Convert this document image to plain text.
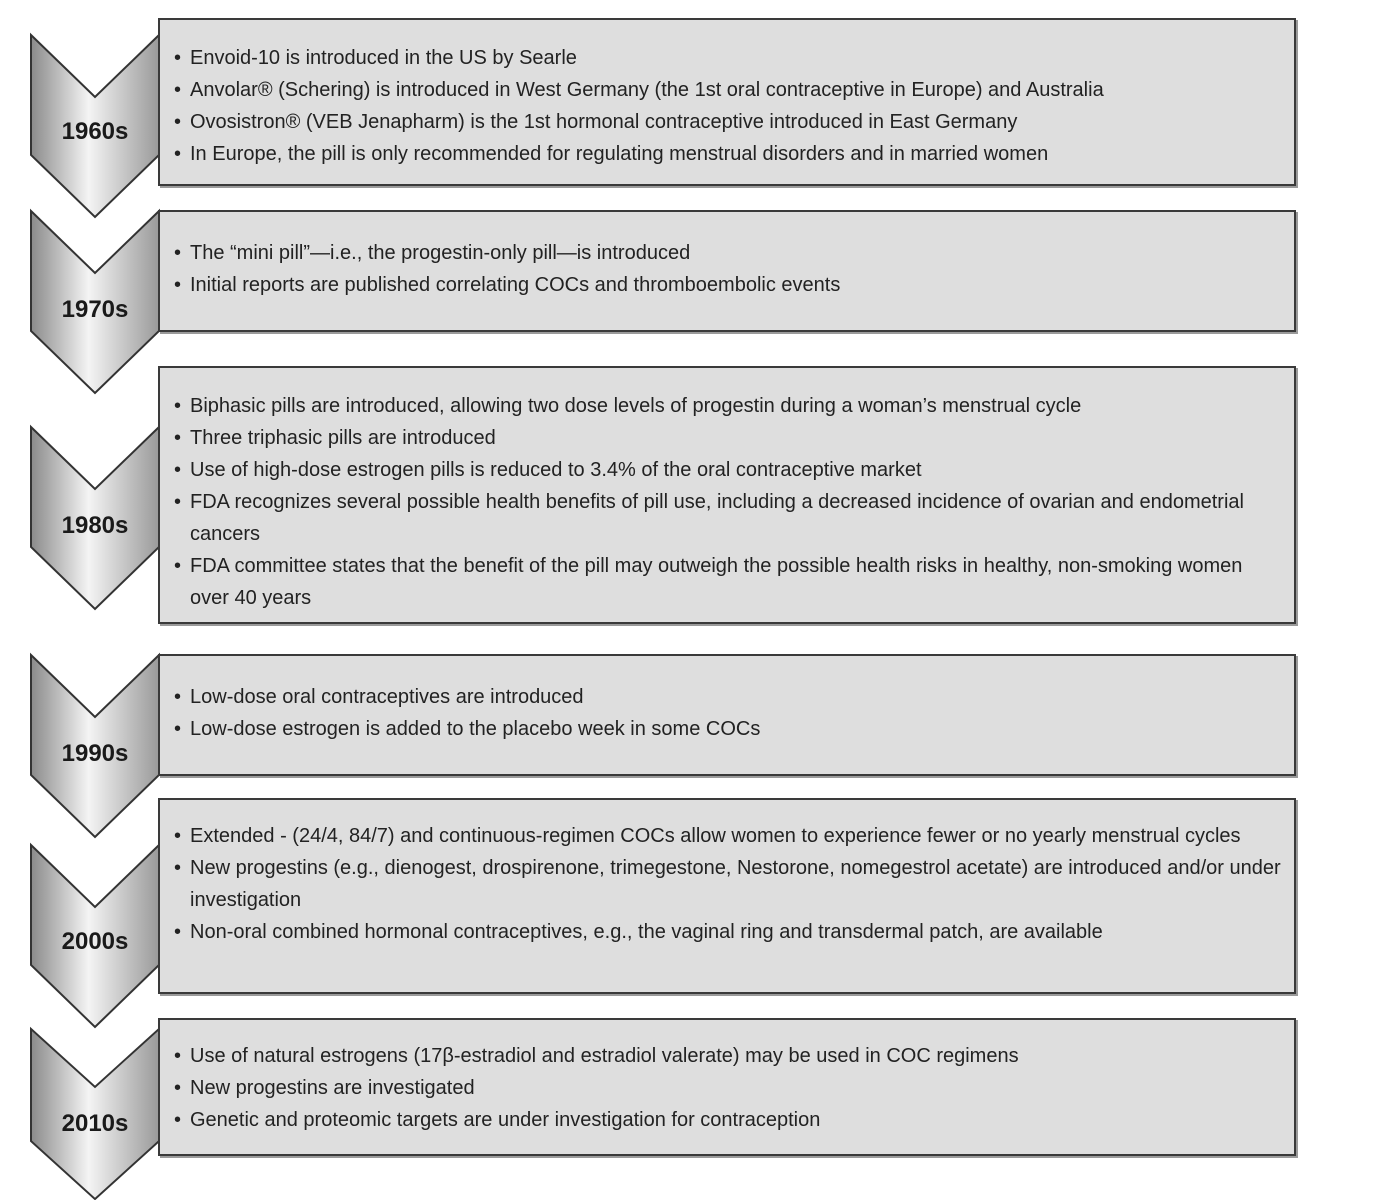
1960s
• Envoid-10 is introduced in the US by Searle
• Anvolar® (Schering) is introduced in West Germany (the 1st oral contraceptive in Europe) and Australia
• Ovosistron® (VEB Jenapharm) is the 1st hormonal contraceptive introduced in East Germany
• In Europe, the pill is only recommended for regulating menstrual disorders and in married women
1970s
• The “mini pill”—i.e., the progestin-only pill—is introduced
• Initial reports are published correlating COCs and thromboembolic events
1980s
• Biphasic pills are introduced, allowing two dose levels of progestin during a woman’s menstrual cycle
• Three triphasic pills are introduced
• Use of high-dose estrogen pills is reduced to 3.4% of the oral contraceptive market
• FDA recognizes several possible health benefits of pill use, including a decreased incidence of ovarian and endometrial cancers
• FDA committee states that the benefit of the pill may outweigh the possible health risks in healthy, non-smoking women over 40 years
1990s
• Low-dose oral contraceptives are introduced
• Low-dose estrogen is added to the placebo week in some COCs
2000s
• Extended - (24/4, 84/7) and continuous-regimen COCs allow women to experience fewer or no yearly menstrual cycles
• New progestins (e.g., dienogest, drospirenone, trimegestone, Nestorone, nomegestrol acetate) are introduced and/or under investigation
• Non-oral combined hormonal contraceptives, e.g., the vaginal ring and transdermal patch, are available
2010s
• Use of natural estrogens (17β-estradiol and estradiol valerate) may be used in COC regimens
• New progestins are investigated
• Genetic and proteomic targets are under investigation for contraception
